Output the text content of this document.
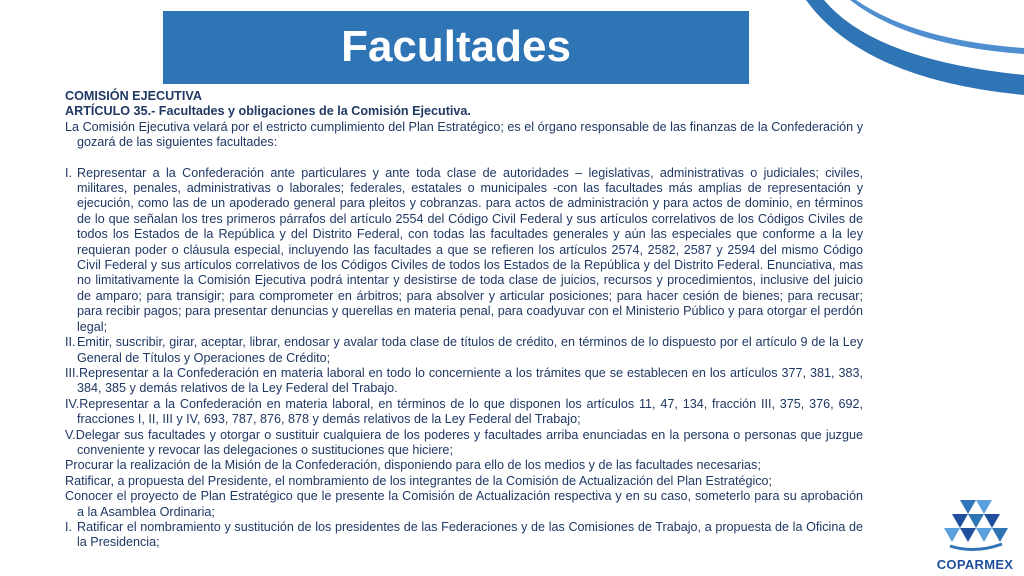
Facultades

COMISIÓN EJECUTIVA

ARTÍCULO 35.- Facultades y obligaciones de la Comisión Ejecutiva.

La Comisión Ejecutiva velará por el estricto cumplimiento del Plan Estratégico; es el órgano responsable de las finanzas de la Confederación y gozará de las siguientes facultades:

I. Representar a la Confederación ante particulares y ante toda clase de autoridades – legislativas, administrativas o judiciales; civiles, militares, penales, administrativas o laborales; federales, estatales o municipales -con las facultades más amplias de representación y ejecución, como las de un apoderado general para pleitos y cobranzas. para actos de administración y para actos de dominio, en términos de lo que señalan los tres primeros párrafos del artículo 2554 del Código Civil Federal y sus artículos correlativos de los Códigos Civiles de todos los Estados de la República y del Distrito Federal, con todas las facultades generales y aún las especiales que conforme a la ley requieran poder o cláusula especial, incluyendo las facultades a que se refieren los artículos 2574, 2582, 2587 y 2594 del mismo Código Civil Federal y sus artículos correlativos de los Códigos Civiles de todos los Estados de la República y del Distrito Federal. Enunciativa, mas no limitativamente la Comisión Ejecutiva podrá intentar y desistirse de toda clase de juicios, recursos y procedimientos, inclusive del juicio de amparo; para transigir; para comprometer en árbitros; para absolver y articular posiciones; para hacer cesión de bienes; para recusar; para recibir pagos; para presentar denuncias y querellas en materia penal, para coadyuvar con el Ministerio Público y para otorgar el perdón legal;
II. Emitir, suscribir, girar, aceptar, librar, endosar y avalar toda clase de títulos de crédito, en términos de lo dispuesto por el artículo 9 de la Ley General de Títulos y Operaciones de Crédito;

III.Representar a la Confederación en materia laboral en todo lo concerniente a los trámites que se establecen en los artículos 377, 381, 383, 384, 385 y demás relativos de la Ley Federal del Trabajo.

IV.Representar a la Confederación en materia laboral, en términos de lo que disponen los artículos 11, 47, 134, fracción III, 375, 376, 692, fracciones I, II, III y IV, 693, 787, 876, 878 y demás relativos de la Ley Federal del Trabajo;

V.Delegar sus facultades y otorgar o sustituir cualquiera de los poderes y facultades arriba enunciadas en la persona o personas que juzgue conveniente y revocar las delegaciones o sustituciones que hiciere;

Procurar la realización de la Misión de la Confederación, disponiendo para ello de los medios y de las facultades necesarias;

Ratificar, a propuesta del Presidente, el nombramiento de los integrantes de la Comisión de Actualización del Plan Estratégico;

Conocer el proyecto de Plan Estratégico que le presente la Comisión de Actualización respectiva y en su caso, someterlo para su aprobación a la Asamblea Ordinaria;

I. Ratificar el nombramiento y sustitución de los presidentes de las Federaciones y de las Comisiones de Trabajo, a propuesta de la Oficina de la Presidencia;
COPARMEX
